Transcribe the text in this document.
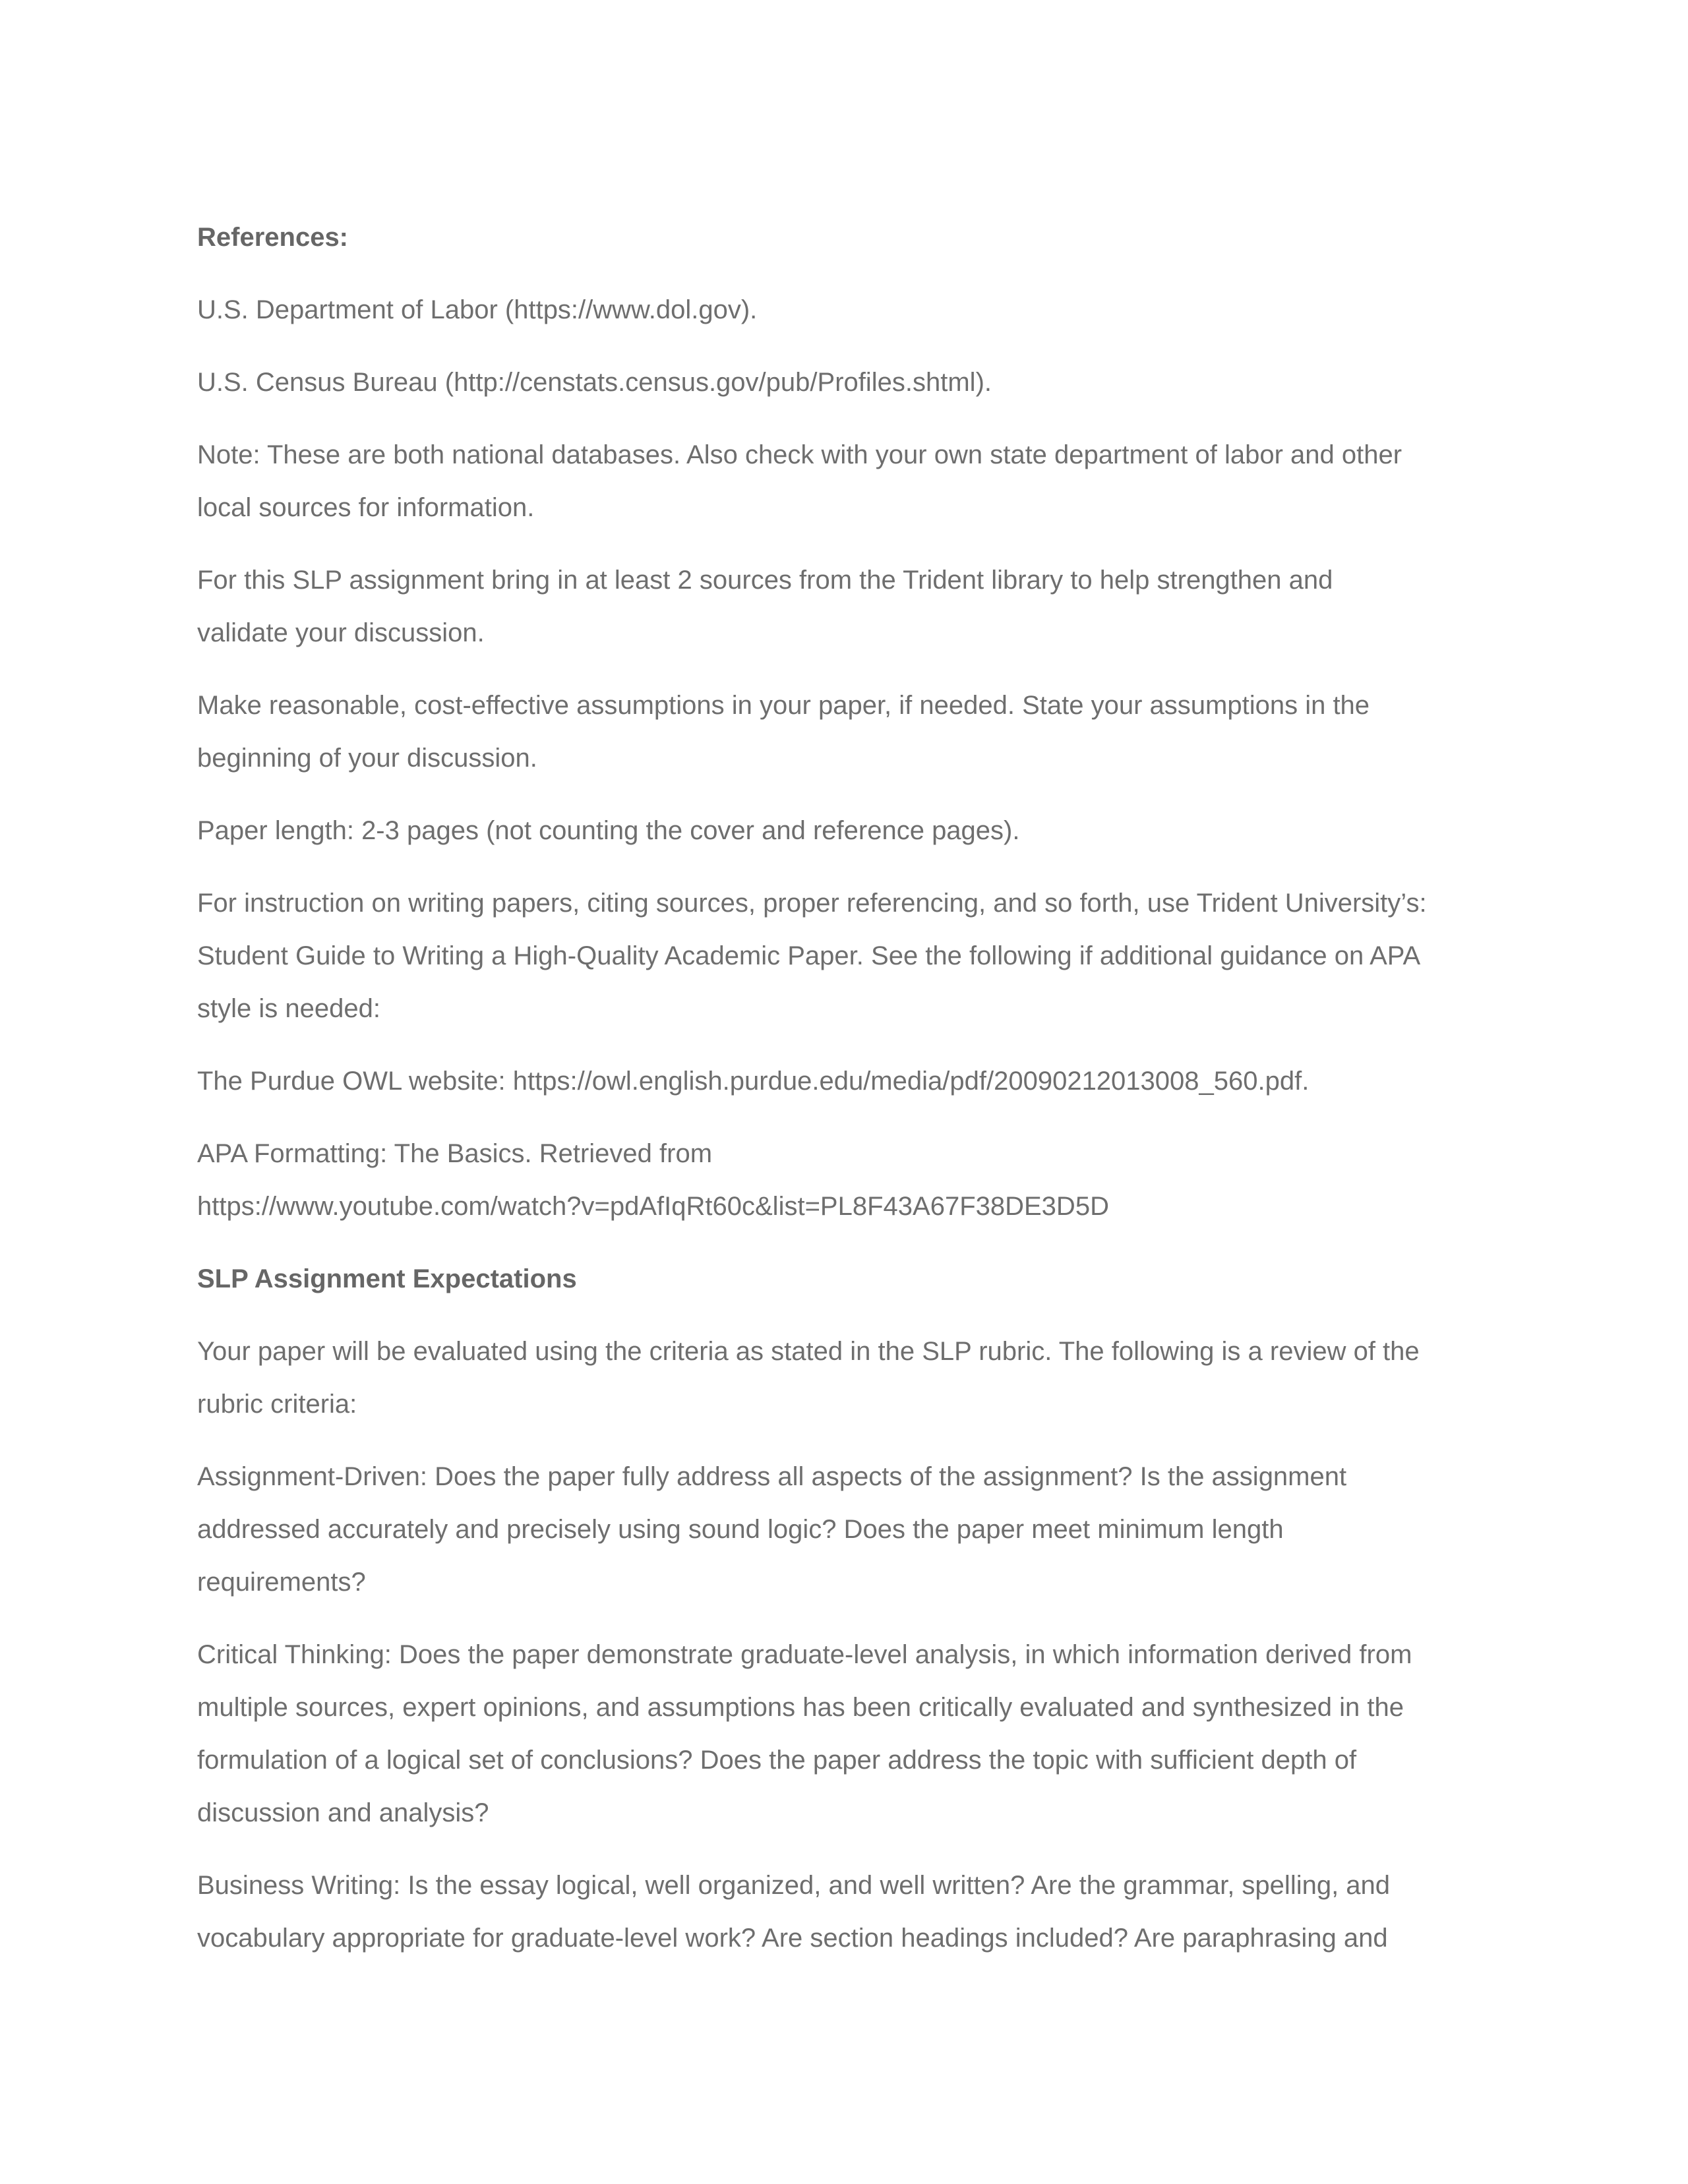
References:
U.S. Department of Labor (https://www.dol.gov).
U.S. Census Bureau (http://censtats.census.gov/pub/Profiles.shtml).
Note: These are both national databases. Also check with your own state department of labor and other
local sources for information.
For this SLP assignment bring in at least 2 sources from the Trident library to help strengthen and
validate your discussion.
Make reasonable, cost-effective assumptions in your paper, if needed. State your assumptions in the
beginning of your discussion.
Paper length: 2-3 pages (not counting the cover and reference pages).
For instruction on writing papers, citing sources, proper referencing, and so forth, use Trident University’s:
Student Guide to Writing a High-Quality Academic Paper. See the following if additional guidance on APA
style is needed:
The Purdue OWL website: https://owl.english.purdue.edu/media/pdf/20090212013008_560.pdf.
APA Formatting: The Basics. Retrieved from
https://www.youtube.com/watch?v=pdAfIqRt60c&list=PL8F43A67F38DE3D5D
SLP Assignment Expectations
Your paper will be evaluated using the criteria as stated in the SLP rubric. The following is a review of the
rubric criteria:
Assignment-Driven: Does the paper fully address all aspects of the assignment? Is the assignment
addressed accurately and precisely using sound logic? Does the paper meet minimum length
requirements?
Critical Thinking: Does the paper demonstrate graduate-level analysis, in which information derived from
multiple sources, expert opinions, and assumptions has been critically evaluated and synthesized in the
formulation of a logical set of conclusions? Does the paper address the topic with sufficient depth of
discussion and analysis?
Business Writing: Is the essay logical, well organized, and well written? Are the grammar, spelling, and
vocabulary appropriate for graduate-level work? Are section headings included? Are paraphrasing and
